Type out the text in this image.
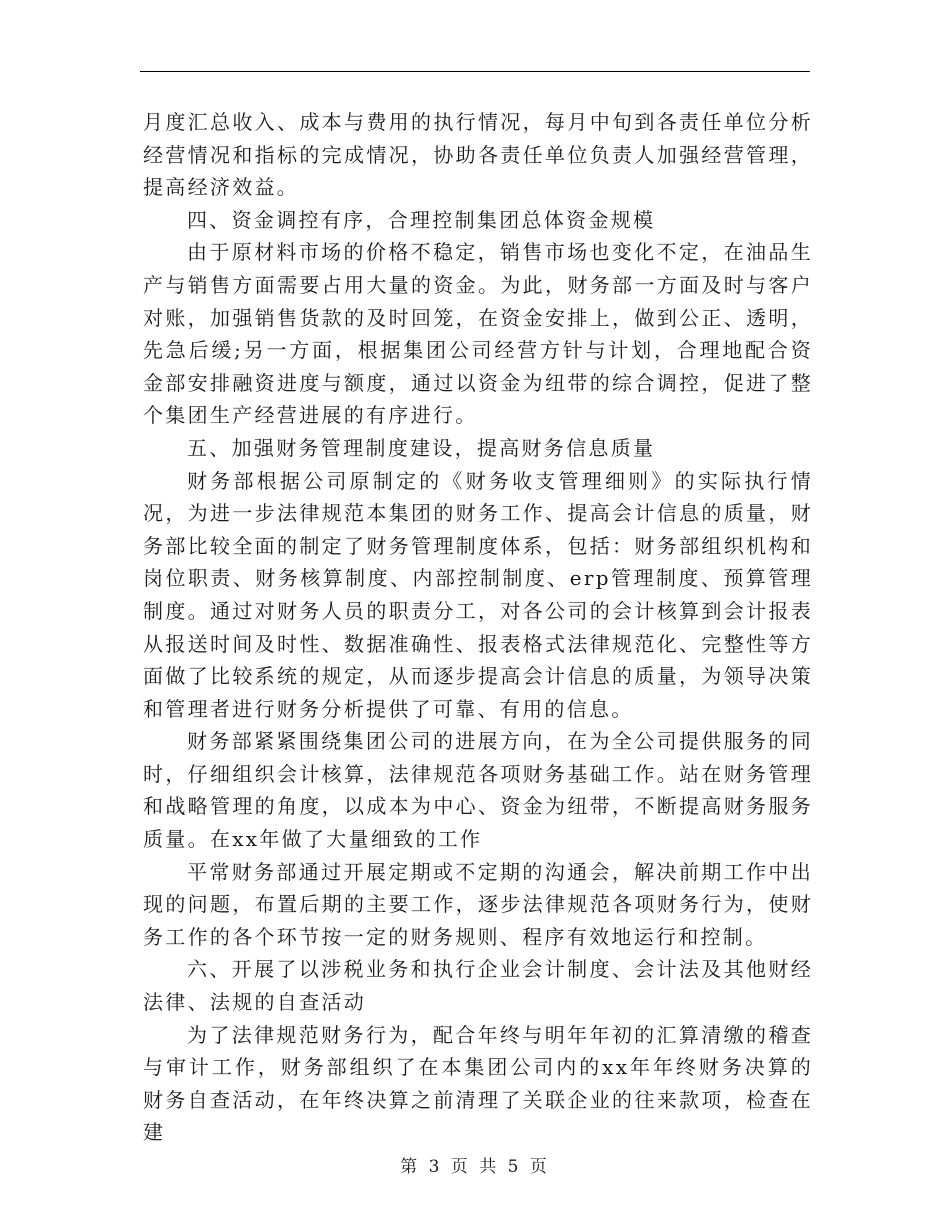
月度汇总收入、成本与费用的执行情况，每月中旬到各责任单位分析经营情况和指标的完成情况，协助各责任单位负责人加强经营管理，提高经济效益。

四、资金调控有序，合理控制集团总体资金规模

由于原材料市场的价格不稳定，销售市场也变化不定，在油品生产与销售方面需要占用大量的资金。为此，财务部一方面及时与客户对账，加强销售货款的及时回笼，在资金安排上，做到公正、透明，先急后缓;另一方面，根据集团公司经营方针与计划，合理地配合资金部安排融资进度与额度，通过以资金为纽带的综合调控，促进了整个集团生产经营进展的有序进行。

五、加强财务管理制度建设，提高财务信息质量

财务部根据公司原制定的《财务收支管理细则》的实际执行情况，为进一步法律规范本集团的财务工作、提高会计信息的质量，财务部比较全面的制定了财务管理制度体系，包括：财务部组织机构和岗位职责、财务核算制度、内部控制制度、erp管理制度、预算管理制度。通过对财务人员的职责分工，对各公司的会计核算到会计报表从报送时间及时性、数据准确性、报表格式法律规范化、完整性等方面做了比较系统的规定，从而逐步提高会计信息的质量，为领导决策和管理者进行财务分析提供了可靠、有用的信息。

财务部紧紧围绕集团公司的进展方向，在为全公司提供服务的同时，仔细组织会计核算，法律规范各项财务基础工作。站在财务管理和战略管理的角度，以成本为中心、资金为纽带，不断提高财务服务质量。在xx年做了大量细致的工作

平常财务部通过开展定期或不定期的沟通会，解决前期工作中出现的问题，布置后期的主要工作，逐步法律规范各项财务行为，使财务工作的各个环节按一定的财务规则、程序有效地运行和控制。

六、开展了以涉税业务和执行企业会计制度、会计法及其他财经法律、法规的自查活动

为了法律规范财务行为，配合年终与明年年初的汇算清缴的稽查与审计工作，财务部组织了在本集团公司内的xx年年终财务决算的财务自查活动，在年终决算之前清理了关联企业的往来款项，检查在建

第 3 页 共 5 页
